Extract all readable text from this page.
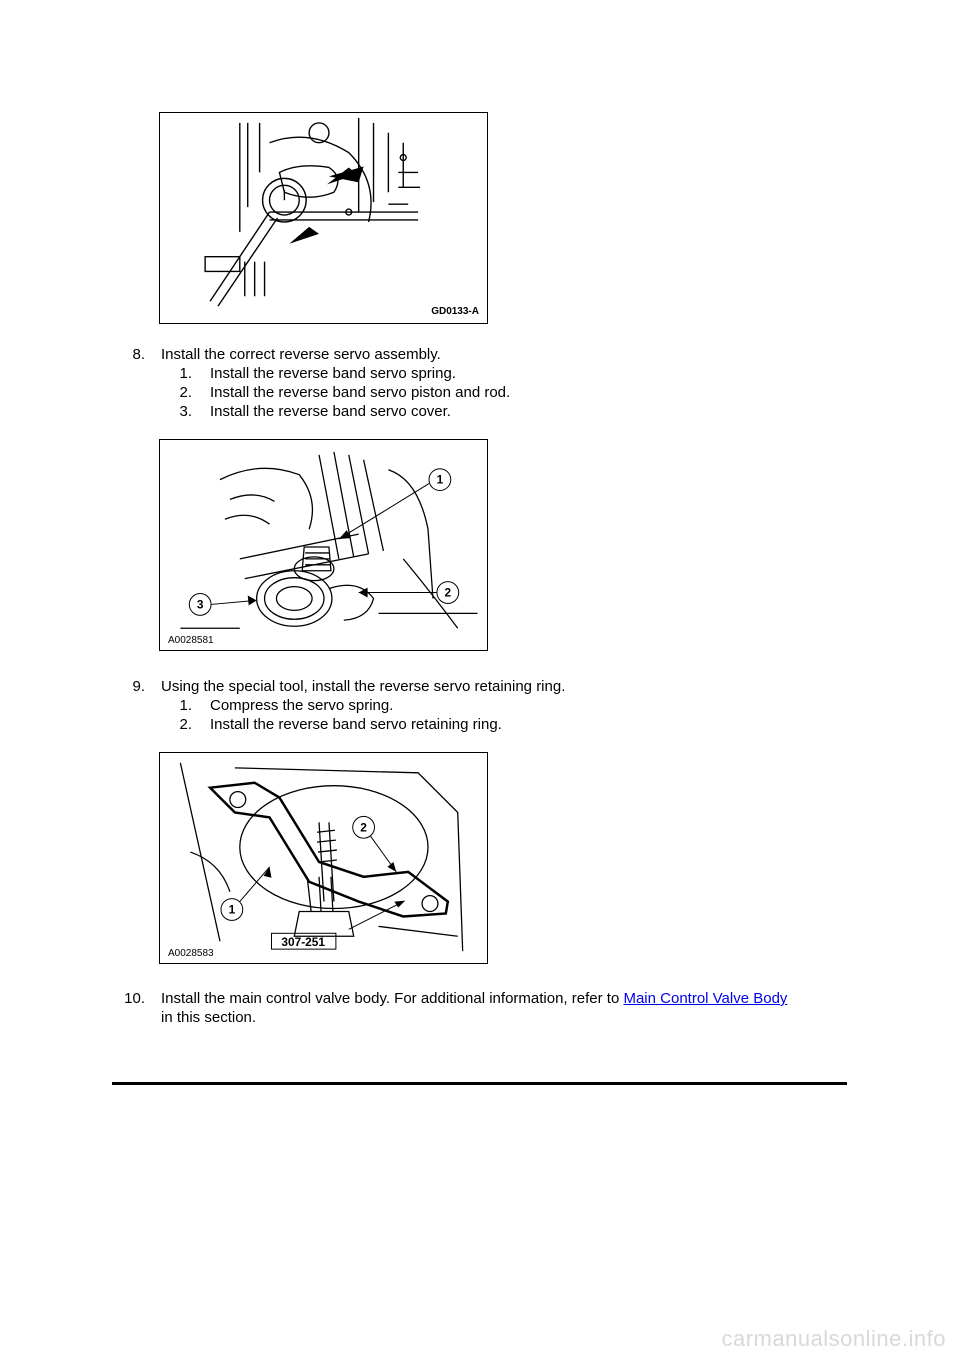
GD0133-A
8. Install the correct reverse servo assembly.
1. Install the reverse band servo spring.
2. Install the reverse band servo piston and rod.
3. Install the reverse band servo cover.
1
2
3
A0028581
9. Using the special tool, install the reverse servo retaining ring.
1. Compress the servo spring.
2. Install the reverse band servo retaining ring.
2
1
307-251
A0028583
10. Install the main control valve body. For additional information, refer to Main Control Valve Body
in this section.
carmanualsonline.info
